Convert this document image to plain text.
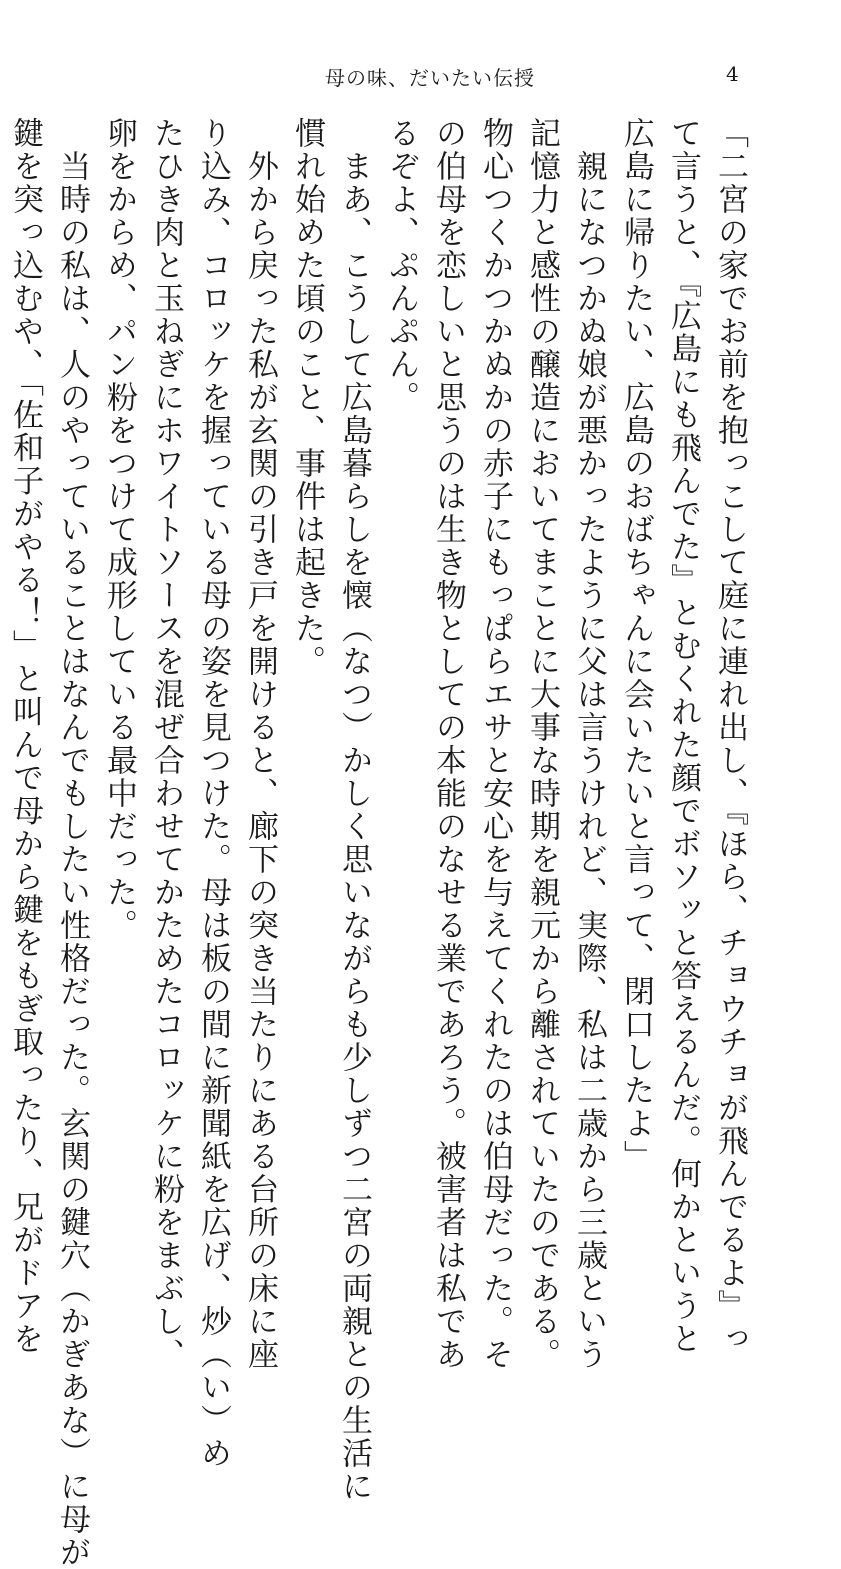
母の味、だいたい伝授	4
「二宮の家でお前を抱っこして庭に連れ出し、『ほら、チョウチョが飛んでるよ』っ
て言うと、『広島にも飛んでた』とむくれた顔でボソッと答えるんだ。何かというと
広島に帰りたい、広島のおばちゃんに会いたいと言って、閉口したよ」
　親になつかぬ娘が悪かったように父は言うけれど、実際、私は二歳から三歳という
記憶力と感性の醸造においてまことに大事な時期を親元から離されていたのである。
物心つくかつかぬかの赤子にもっぱらエサと安心を与えてくれたのは伯母だった。そ
の伯母を恋しいと思うのは生き物としての本能のなせる業であろう。被害者は私であ
るぞよ、ぷんぷん。
　まあ、こうして広島暮らしを懐（なつ）かしく思いながらも少しずつ二宮の両親との生活に
慣れ始めた頃のこと、事件は起きた。
　外から戻った私が玄関の引き戸を開けると、廊下の突き当たりにある台所の床に座
り込み、コロッケを握っている母の姿を見つけた。母は板の間に新聞紙を広げ、炒（い）め
たひき肉と玉ねぎにホワイトソースを混ぜ合わせてかためたコロッケに粉をまぶし、
卵をからめ、パン粉をつけて成形している最中だった。
　当時の私は、人のやっていることはなんでもしたい性格だった。玄関の鍵穴（かぎあな）に母が
鍵を突っ込むや、「佐和子がやる！」と叫んで母から鍵をもぎ取ったり、兄がドアを
